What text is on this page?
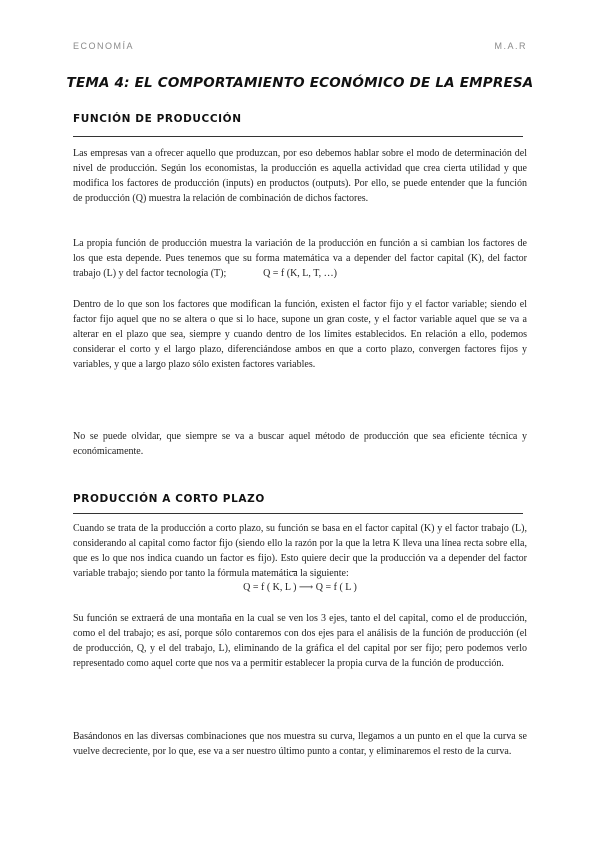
ECONOMÍA	M.A.R
TEMA 4: EL COMPORTAMIENTO ECONÓMICO DE LA EMPRESA
FUNCIÓN DE PRODUCCIÓN
Las empresas van a ofrecer aquello que produzcan, por eso debemos hablar sobre el modo de determinación del nivel de producción. Según los economistas, la producción es aquella actividad que crea cierta utilidad y que modifica los factores de producción (inputs) en productos (outputs). Por ello, se puede entender que la función de producción (Q) muestra la relación de combinación de dichos factores.
La propia función de producción muestra la variación de la producción en función a si cambian los factores de los que esta depende. Pues tenemos que su forma matemática va a depender del factor capital (K), del factor trabajo (L) y del factor tecnología (T);	Q = f (K, L, T, …)
Dentro de lo que son los factores que modifican la función, existen el factor fijo y el factor variable; siendo el factor fijo aquel que no se altera o que si lo hace, supone un gran coste, y el factor variable aquel que se va a alterar en el plazo que sea, siempre y cuando dentro de los límites establecidos. En relación a ello, podemos considerar el corto y el largo plazo, diferenciándose ambos en que a corto plazo, convergen factores fijos y variables, y que a largo plazo sólo existen factores variables.
No se puede olvidar, que siempre se va a buscar aquel método de producción que sea eficiente técnica y económicamente.
PRODUCCIÓN A CORTO PLAZO
Cuando se trata de la producción a corto plazo, su función se basa en el factor capital (K) y el factor trabajo (L), considerando al capital como factor fijo (siendo ello la razón por la que la letra K lleva una línea recta sobre ella, que es lo que nos indica cuando un factor es fijo). Esto quiere decir que la producción va a depender del factor variable trabajo; siendo por tanto la fórmula matemática la siguiente:
Q = f ( K, L ) ⟶ Q = f ( L )
Su función se extraerá de una montaña en la cual se ven los 3 ejes, tanto el del capital, como el de producción, como el del trabajo; es así, porque sólo contaremos con dos ejes para el análisis de la función de producción (el de producción, Q, y el del trabajo, L), eliminando de la gráfica el del capital por ser fijo; pero podemos verlo representado como aquel corte que nos va a permitir establecer la propia curva de la función de producción.
Basándonos en las diversas combinaciones que nos muestra su curva, llegamos a un punto en el que la curva se vuelve decreciente, por lo que, ese va a ser nuestro último punto a contar, y eliminaremos el resto de la curva.
